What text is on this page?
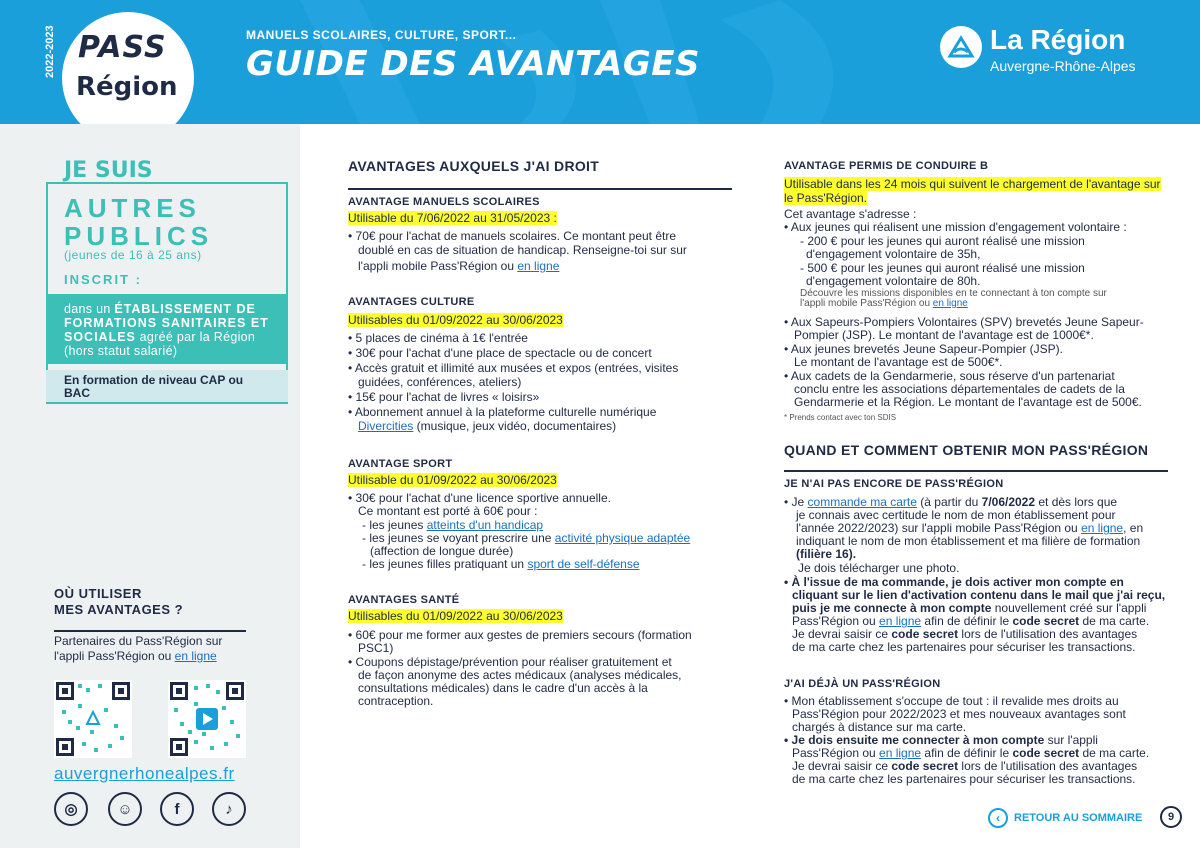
2022-2023 PASS
Région
MANUELS SCOLAIRES, CULTURE, SPORT...
GUIDE DES AVANTAGES
La Région
Auvergne-Rhône-Alpes
JE SUIS
AUTRES
PUBLICS
(jeunes de 16 à 25 ans)
INSCRIT :
dans un ÉTABLISSEMENT DE FORMATIONS SANITAIRES ET SOCIALES agréé par la Région (hors statut salarié)
En formation de niveau CAP ou BAC
OÙ UTILISER
MES AVANTAGES ?
Partenaires du Pass'Région sur
l'appli Pass'Région ou en ligne
auvergnerhonealpes.fr
◎	☺	f	♪
AVANTAGES AUXQUELS J'AI DROIT
AVANTAGE MANUELS SCOLAIRES
Utilisable du 7/06/2022 au 31/05/2023 :
• 70€ pour l'achat de manuels scolaires. Ce montant peut être
doublé en cas de situation de handicap. Renseigne-toi sur sur
l'appli mobile Pass'Région ou en ligne
AVANTAGES CULTURE
Utilisables du 01/09/2022 au 30/06/2023
• 5 places de cinéma à 1€ l'entrée
• 30€ pour l'achat d'une place de spectacle ou de concert
• Accès gratuit et illimité aux musées et expos (entrées, visites
guidées, conférences, ateliers)
• 15€ pour l'achat de livres « loisirs»
• Abonnement annuel à la plateforme culturelle numérique
Divercities (musique, jeux vidéo, documentaires)
AVANTAGE SPORT
Utilisable du 01/09/2022 au 30/06/2023
• 30€ pour l'achat d'une licence sportive annuelle.
Ce montant est porté à 60€ pour :
- les jeunes atteints d'un handicap
- les jeunes se voyant prescrire une activité physique adaptée
(affection de longue durée)
- les jeunes filles pratiquant un sport de self-défense
AVANTAGES SANTÉ
Utilisables du 01/09/2022 au 30/06/2023
• 60€ pour me former aux gestes de premiers secours (formation
PSC1)
• Coupons dépistage/prévention pour réaliser gratuitement et
de façon anonyme des actes médicaux (analyses médicales,
consultations médicales) dans le cadre d'un accès à la
contraception.
AVANTAGE PERMIS DE CONDUIRE B
Utilisable dans les 24 mois qui suivent le chargement de l'avantage sur
le Pass'Région.
Cet avantage s'adresse :
• Aux jeunes qui réalisent une mission d'engagement volontaire :
- 200 € pour les jeunes qui auront réalisé une mission
d'engagement volontaire de 35h,
- 500 € pour les jeunes qui auront réalisé une mission
d'engagement volontaire de 80h.
Découvre les missions disponibles en te connectant à ton compte sur
l'appli mobile Pass'Région ou en ligne
• Aux Sapeurs-Pompiers Volontaires (SPV) brevetés Jeune Sapeur-
Pompier (JSP). Le montant de l'avantage est de 1000€*.
• Aux jeunes brevetés Jeune Sapeur-Pompier (JSP).
Le montant de l'avantage est de 500€*.
• Aux cadets de la Gendarmerie, sous réserve d'un partenariat
conclu entre les associations départementales de cadets de la
Gendarmerie et la Région. Le montant de l'avantage est de 500€.
* Prends contact avec ton SDIS
QUAND ET COMMENT OBTENIR MON PASS'RÉGION
JE N'AI PAS ENCORE DE PASS'RÉGION
• Je commande ma carte (à partir du 7/06/2022 et dès lors que
je connais avec certitude le nom de mon établissement pour
l'année 2022/2023) sur l'appli mobile Pass'Région ou en ligne, en
indiquant le nom de mon établissement et ma filière de formation
(filière 16).
Je dois télécharger une photo.
• À l'issue de ma commande, je dois activer mon compte en
cliquant sur le lien d'activation contenu dans le mail que j'ai reçu,
puis je me connecte à mon compte nouvellement créé sur l'appli
Pass'Région ou en ligne afin de définir le code secret de ma carte.
Je devrai saisir ce code secret lors de l'utilisation des avantages
de ma carte chez les partenaires pour sécuriser les transactions.
J'AI DÉJÀ UN PASS'RÉGION
• Mon établissement s'occupe de tout : il revalide mes droits au
Pass'Région pour 2022/2023 et mes nouveaux avantages sont
chargés à distance sur ma carte.
• Je dois ensuite me connecter à mon compte sur l'appli
Pass'Région ou en ligne afin de définir le code secret de ma carte.
Je devrai saisir ce code secret lors de l'utilisation des avantages
de ma carte chez les partenaires pour sécuriser les transactions.
‹	RETOUR AU SOMMAIRE	9
